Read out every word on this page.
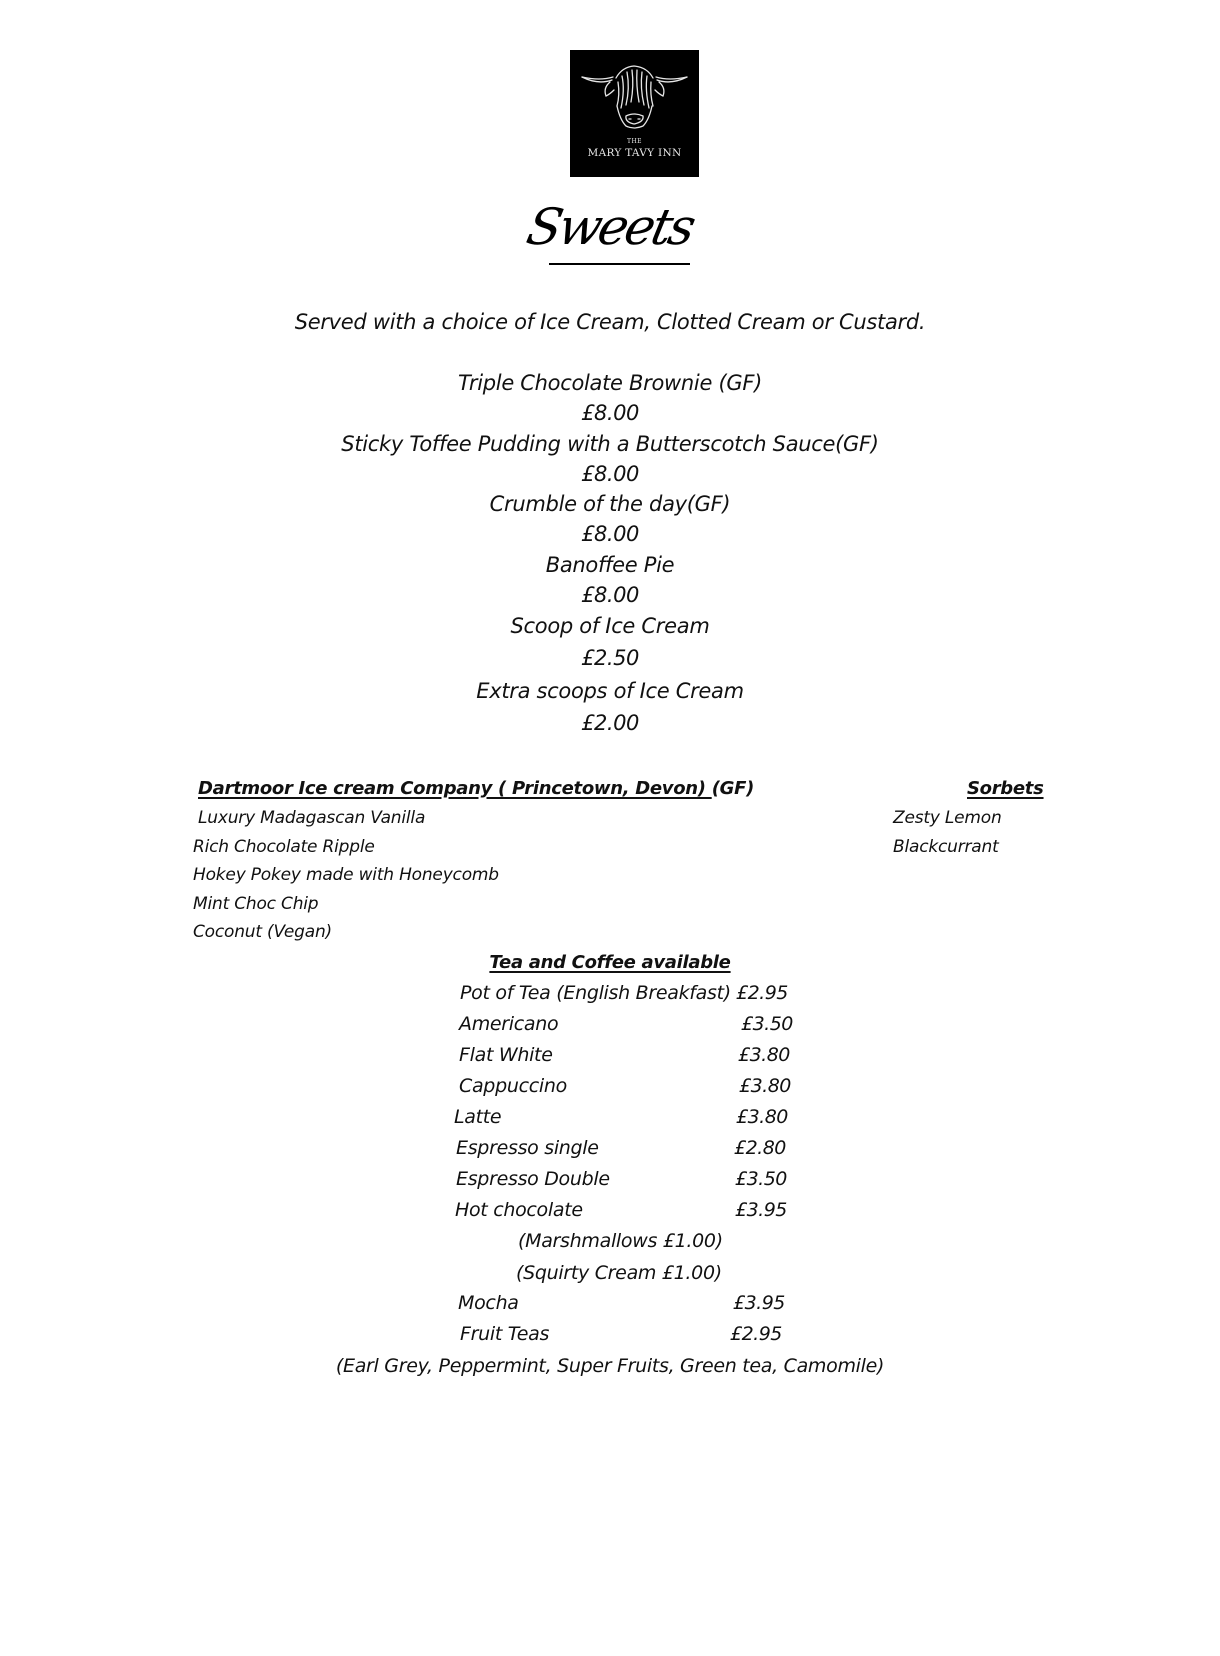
THE
MARY TAVY INN
Sweets
Served with a choice of Ice Cream, Clotted Cream or Custard.
Triple Chocolate Brownie (GF)
£8.00
Sticky Toffee Pudding with a Butterscotch Sauce(GF)
£8.00
Crumble of the day(GF)
£8.00
Banoffee Pie
£8.00
Scoop of Ice Cream
£2.50
Extra scoops of Ice Cream
£2.00
Dartmoor Ice cream Company ( Princetown, Devon) (GF)
Luxury Madagascan Vanilla
Rich Chocolate Ripple
Hokey Pokey made with Honeycomb
Mint Choc Chip
Coconut (Vegan)
Sorbets
Zesty Lemon
Blackcurrant
Tea and Coffee available
Pot of Tea (English Breakfast) £2.95
Americano	£3.50
Flat White	£3.80
Cappuccino	£3.80
Latte	£3.80
Espresso single	£2.80
Espresso Double	£3.50
Hot chocolate	£3.95
(Marshmallows £1.00)
(Squirty Cream £1.00)
Mocha	£3.95
Fruit Teas	£2.95
(Earl Grey, Peppermint, Super Fruits, Green tea, Camomile)
